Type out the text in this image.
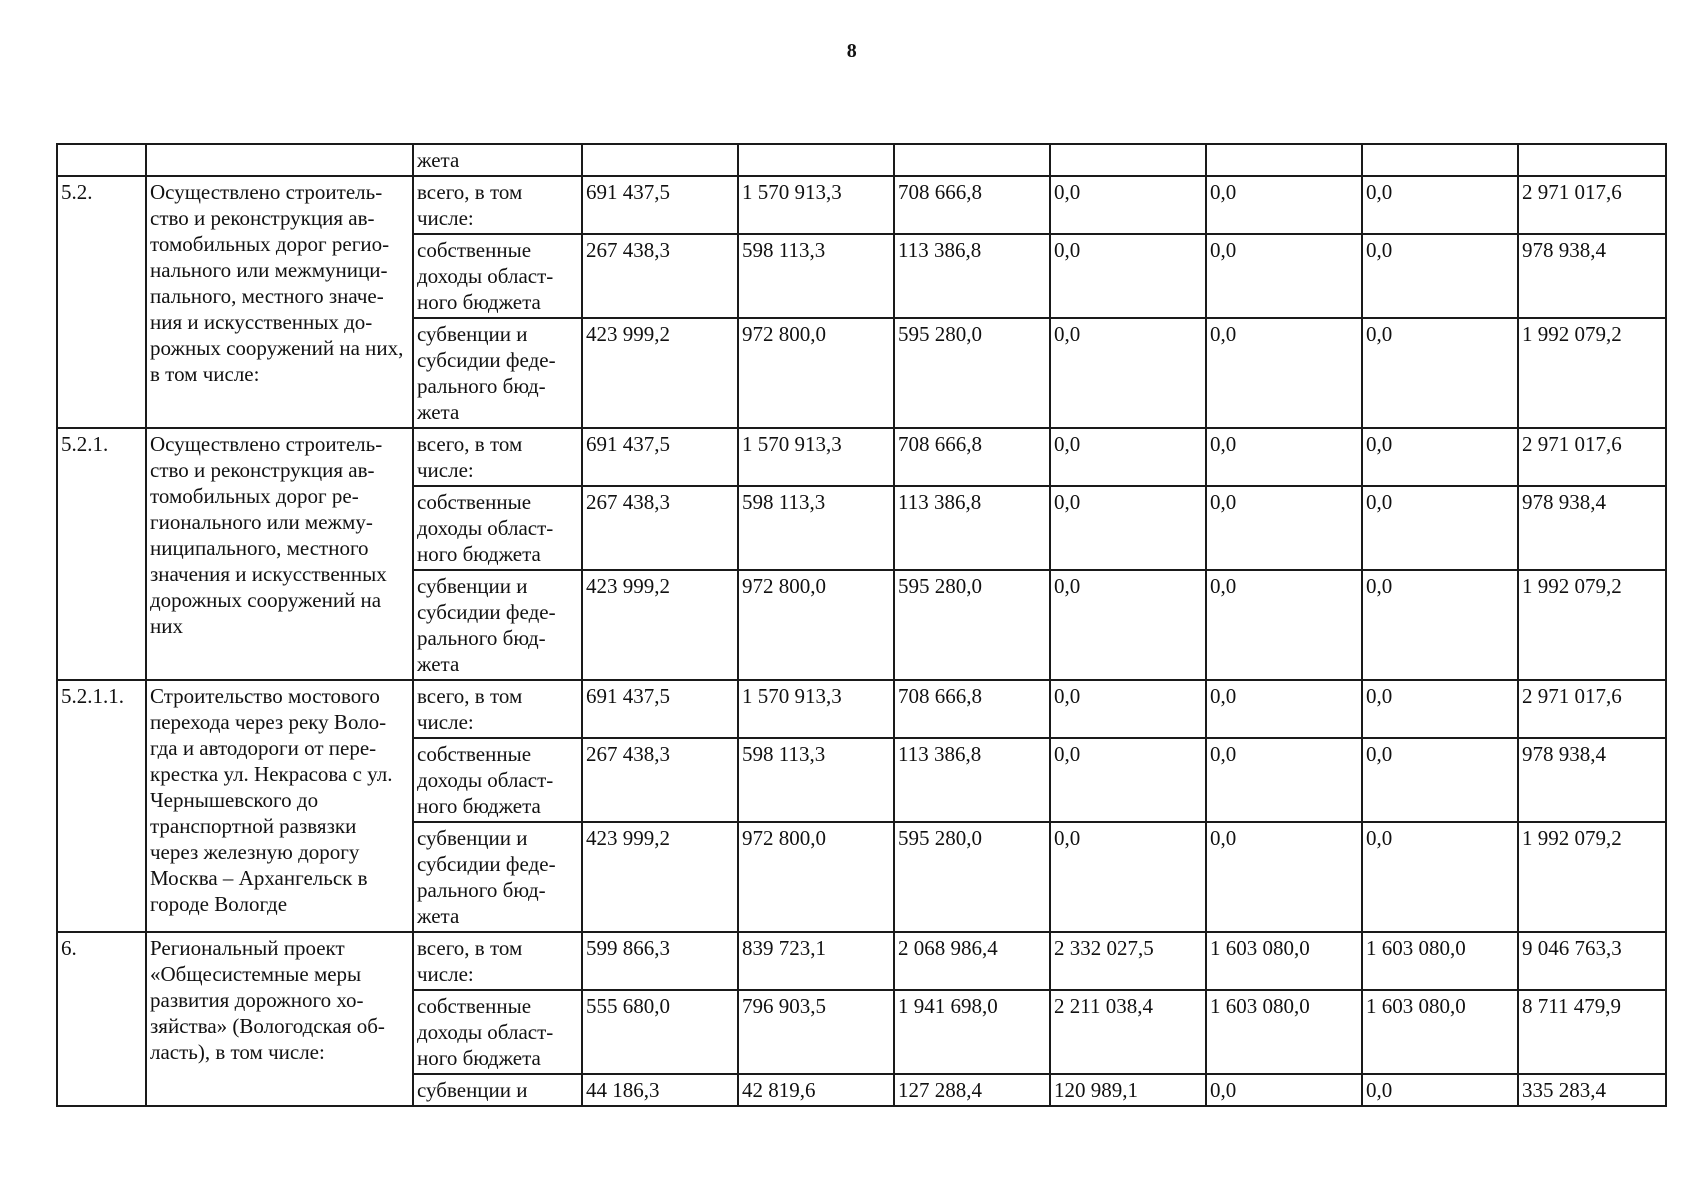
8
		жета							
5.2.	Осуществлено строитель-ство и реконструкция ав-томобильных дорог регио-нального или межмуници-пального, местного значе-ния и искусственных до-рожных сооружений на них, в том числе:	всего, в том числе:	691 437,5	1 570 913,3	708 666,8	0,0	0,0	0,0	2 971 017,6
		собственные доходы област-ного бюджета	267 438,3	598 113,3	113 386,8	0,0	0,0	0,0	978 938,4
		субвенции и субсидии феде-рального бюд-жета	423 999,2	972 800,0	595 280,0	0,0	0,0	0,0	1 992 079,2
5.2.1.	Осуществлено строитель-ство и реконструкция ав-томобильных дорог ре-гионального или межму-ниципального, местного значения и искусственных дорожных сооружений на них	всего, в том числе:	691 437,5	1 570 913,3	708 666,8	0,0	0,0	0,0	2 971 017,6
		собственные доходы област-ного бюджета	267 438,3	598 113,3	113 386,8	0,0	0,0	0,0	978 938,4
		субвенции и субсидии феде-рального бюд-жета	423 999,2	972 800,0	595 280,0	0,0	0,0	0,0	1 992 079,2
5.2.1.1.	Строительство мостового перехода через реку Воло-гда и автодороги от пере-крестка ул. Некрасова с ул. Чернышевского до транспортной развязки через железную дорогу Москва – Архангельск в городе Вологде	всего, в том числе:	691 437,5	1 570 913,3	708 666,8	0,0	0,0	0,0	2 971 017,6
		собственные доходы област-ного бюджета	267 438,3	598 113,3	113 386,8	0,0	0,0	0,0	978 938,4
		субвенции и субсидии феде-рального бюд-жета	423 999,2	972 800,0	595 280,0	0,0	0,0	0,0	1 992 079,2
6.	Региональный проект «Общесистемные меры развития дорожного хо-зяйства» (Вологодская об-ласть), в том числе:	всего, в том числе:	599 866,3	839 723,1	2 068 986,4	2 332 027,5	1 603 080,0	1 603 080,0	9 046 763,3
		собственные доходы област-ного бюджета	555 680,0	796 903,5	1 941 698,0	2 211 038,4	1 603 080,0	1 603 080,0	8 711 479,9
		субвенции и	44 186,3	42 819,6	127 288,4	120 989,1	0,0	0,0	335 283,4
